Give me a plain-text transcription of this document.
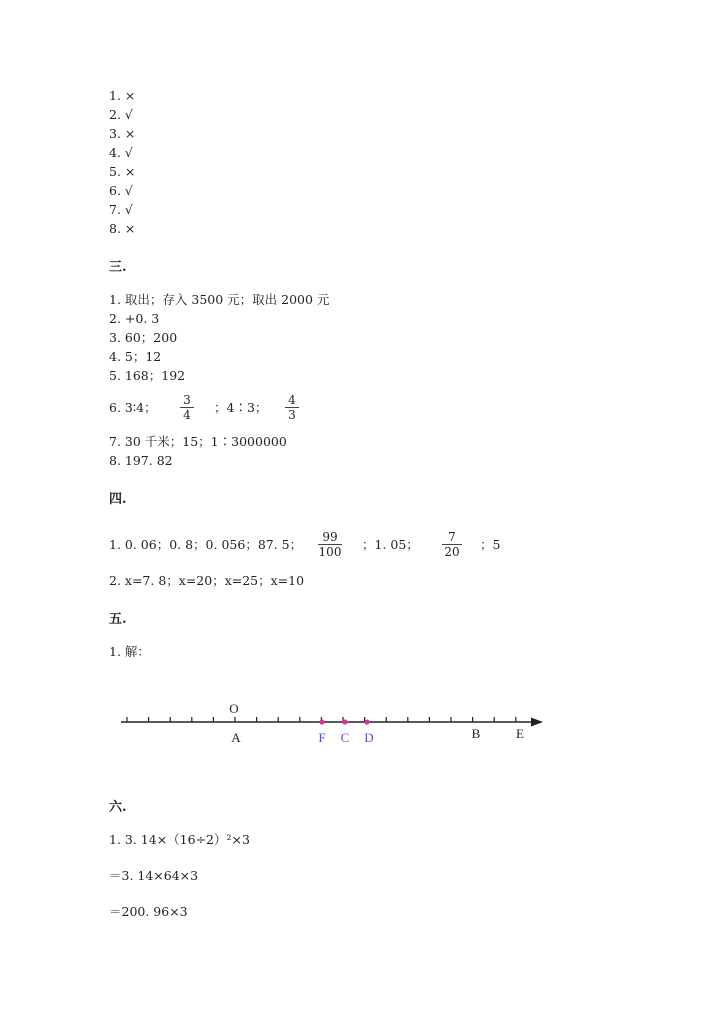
1. ×
2. √
3. ×
4. √
5. ×
6. √
7. √
8. ×
三.
1. 取出；存入 3500 元；取出 2000 元
2. +0. 3
3. 60；200
4. 5；12
5. 168；192
6. 3∶4； $\frac{3}{4}$ ；4∶3； $\frac{4}{3}$
7. 30 千米；15；1∶3000000
8. 197. 82
四.
1. 0. 06；0. 8；0. 056；87. 5； $\frac{99}{100}$ ；1. 05； $\frac{7}{20}$ ；5
2. x=7. 8；x=20；x=25；x=10
五.
1. 解：
O
A	F C D	B	E
六.
1. 3. 14×（16÷2）²×3
＝3. 14×64×3
＝200. 96×3
